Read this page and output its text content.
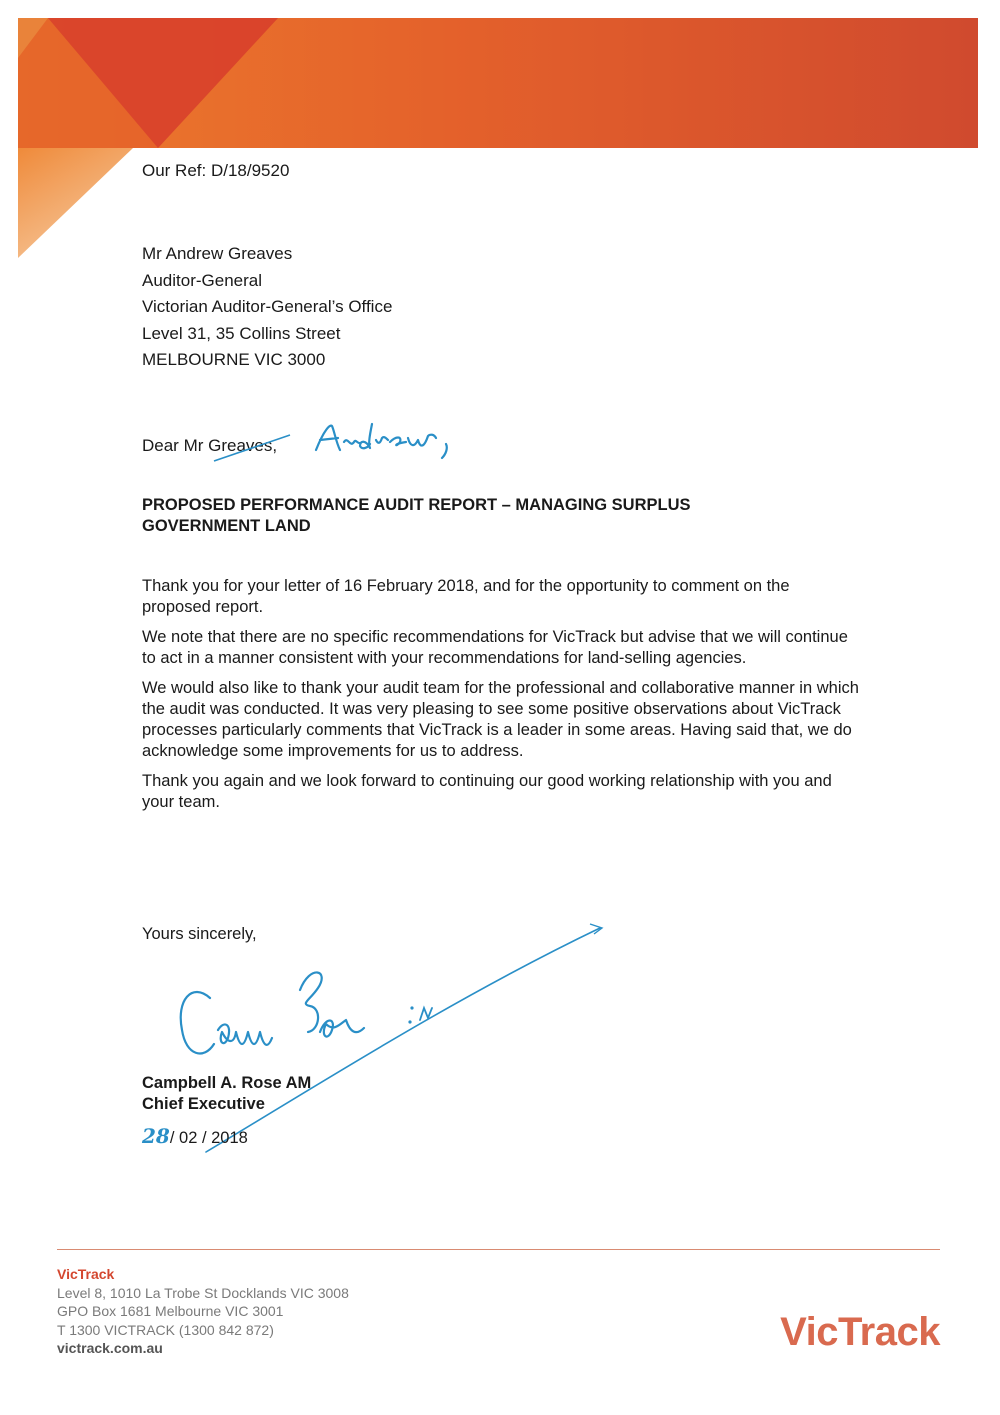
Our Ref: D/18/9520
Mr Andrew Greaves
Auditor-General
Victorian Auditor-General’s Office
Level 31, 35 Collins Street
MELBOURNE VIC 3000
Dear Mr Greaves,
PROPOSED PERFORMANCE AUDIT REPORT – MANAGING SURPLUS
GOVERNMENT LAND

Thank you for your letter of 16 February 2018, and for the opportunity to comment on the proposed report.

We note that there are no specific recommendations for VicTrack but advise that we will continue to act in a manner consistent with your recommendations for land-selling agencies.

We would also like to thank your audit team for the professional and collaborative manner in which the audit was conducted. It was very pleasing to see some positive observations about VicTrack processes particularly comments that VicTrack is a leader in some areas. Having said that, we do acknowledge some improvements for us to address.

Thank you again and we look forward to continuing our good working relationship with you and your team.

Yours sincerely,
Campbell A. Rose AM
Chief Executive
28/ 02 / 2018
VicTrack
Level 8, 1010 La Trobe St Docklands VIC 3008
GPO Box 1681 Melbourne VIC 3001
T 1300 VICTRACK (1300 842 872)
victrack.com.au	VicTrack
